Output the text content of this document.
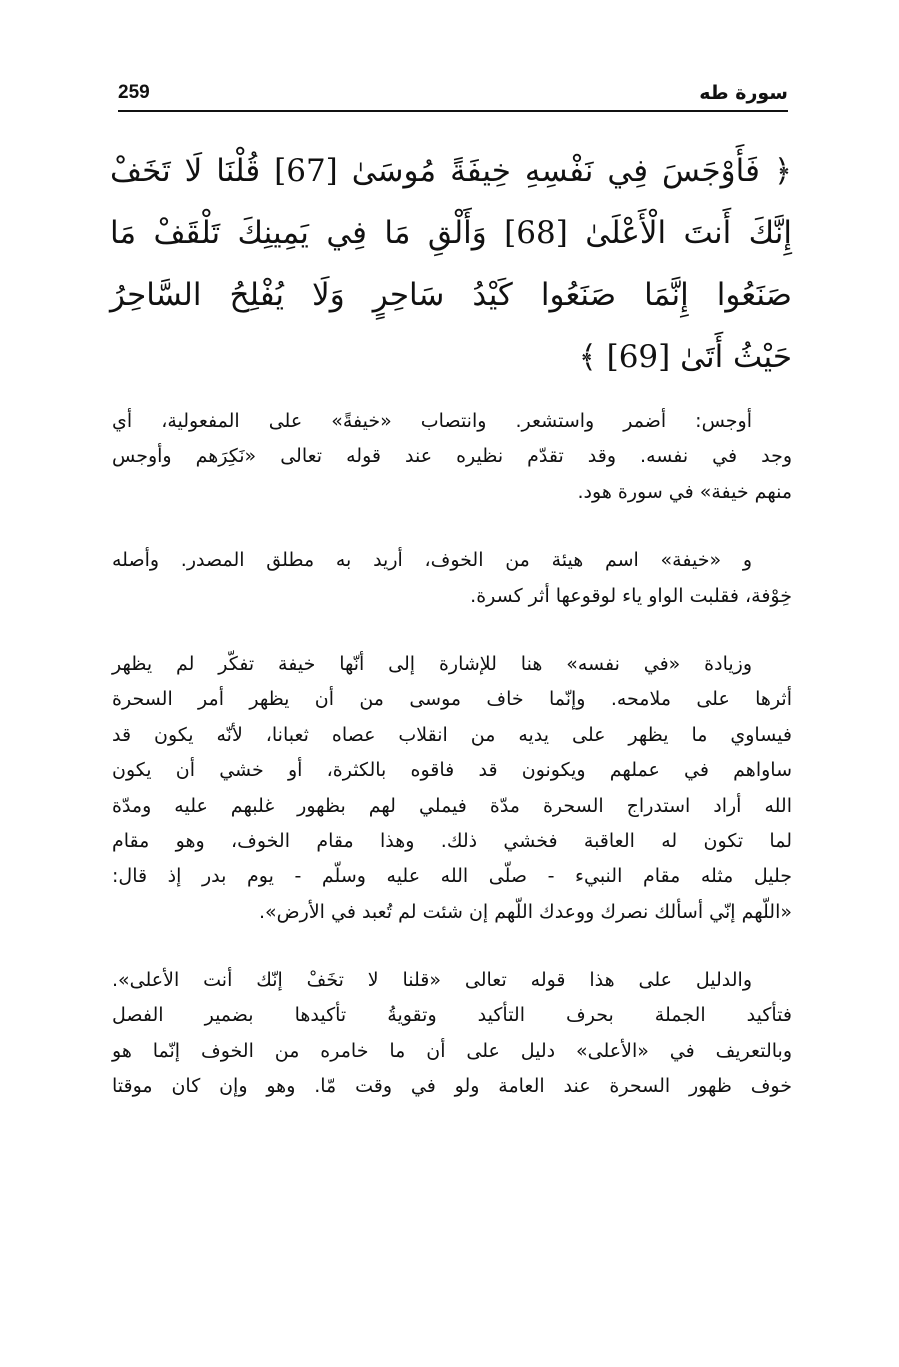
259	سورة طه
﴿ فَأَوْجَسَ فِي نَفْسِهِ خِيفَةً مُوسَىٰ [67] قُلْنَا لَا تَخَفْ
إِنَّكَ أَنتَ الْأَعْلَىٰ [68] وَأَلْقِ مَا فِي يَمِينِكَ تَلْقَفْ مَا
صَنَعُوا إِنَّمَا صَنَعُوا كَيْدُ سَاحِرٍ وَلَا يُفْلِحُ السَّاحِرُ
حَيْثُ أَتَىٰ [69] ﴾
أوجس: أضمر واستشعر. وانتصاب «خيفةً» على المفعولية، أي
وجد في نفسه. وقد تقدّم نظيره عند قوله تعالى «نَكِرَهم وأوجس
منهم خيفة» في سورة هود.
و «خيفة» اسم هيئة من الخوف، أريد به مطلق المصدر. وأصله
خِوْفة، فقلبت الواو ياء لوقوعها أثر كسرة.
وزيادة «في نفسه» هنا للإشارة إلى أنّها خيفة تفكّر لم يظهر
أثرها على ملامحه. وإنّما خاف موسى من أن يظهر أمر السحرة
فيساوي ما يظهر على يديه من انقلاب عصاه ثعبانا، لأنّه يكون قد
ساواهم في عملهم ويكونون قد فاقوه بالكثرة، أو خشي أن يكون
الله أراد استدراج السحرة مدّة فيملي لهم بظهور غلبهم عليه ومدّة
لما تكون له العاقبة فخشي ذلك. وهذا مقام الخوف، وهو مقام
جليل مثله مقام النبيء - صلّى الله عليه وسلّم - يوم بدر إذ قال:
«اللّهم إنّي أسألك نصرك ووعدك اللّهم إن شئت لم تُعبد في الأرض».
والدليل على هذا قوله تعالى «قلنا لا تخَفْ إنّك أنت الأعلى».
فتأكيد الجملة بحرف التأكيد وتقويةُ تأكيدها بضمير الفصل
وبالتعريف في «الأعلى» دليل على أن ما خامره من الخوف إنّما هو
خوف ظهور السحرة عند العامة ولو في وقت مّا. وهو وإن كان موقتا
